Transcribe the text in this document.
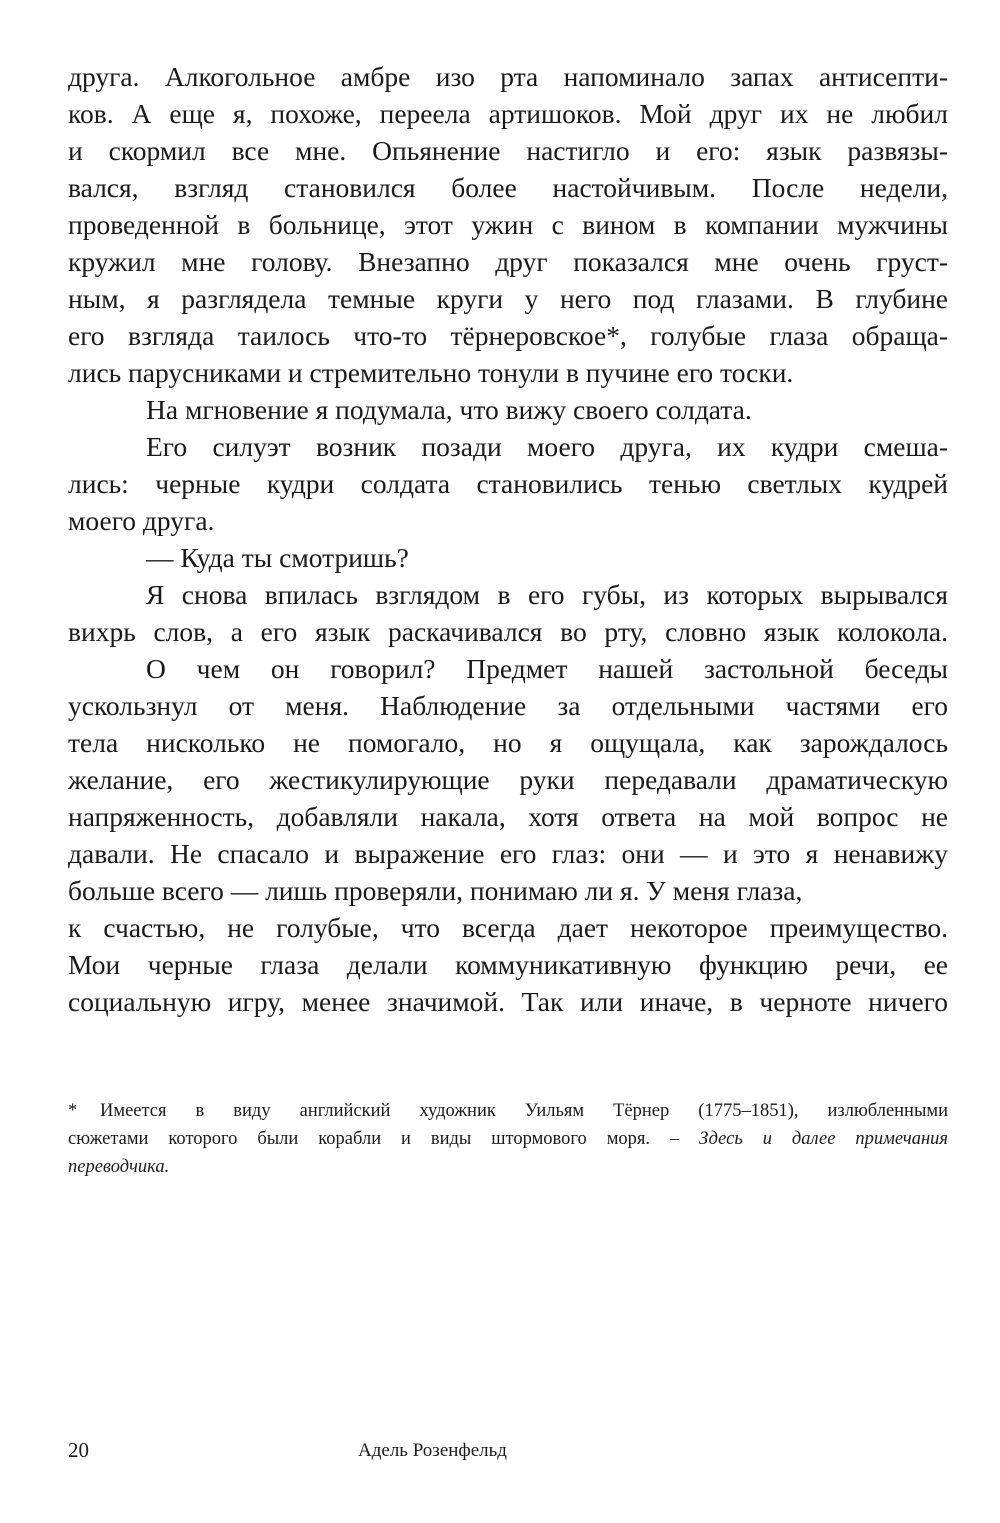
друга. Алкогольное амбре изо рта напоминало запах антисепти-
ков. А еще я, похоже, переела артишоков. Мой друг их не любил
и скормил все мне. Опьянение настигло и его: язык развязы-
вался, взгляд становился более настойчивым. После недели,
проведенной в больнице, этот ужин с вином в компании мужчины
кружил мне голову. Внезапно друг показался мне очень груст-
ным, я разглядела темные круги у него под глазами. В глубине
его взгляда таилось что-то тёрнеровское*, голубые глаза обраща-
лись парусниками и стремительно тонули в пучине его тоски.
На мгновение я подумала, что вижу своего солдата.
Его силуэт возник позади моего друга, их кудри смеша-
лись: черные кудри солдата становились тенью светлых кудрей
моего друга.
— Куда ты смотришь?
Я снова впилась взглядом в его губы, из которых вырывался
вихрь слов, а его язык раскачивался во рту, словно язык колокола.
О чем он говорил? Предмет нашей застольной беседы
ускользнул от меня. Наблюдение за отдельными частями его
тела нисколько не помогало, но я ощущала, как зарождалось
желание, его жестикулирующие руки передавали драматическую
напряженность, добавляли накала, хотя ответа на мой вопрос не
давали. Не спасало и выражение его глаз: они — и это я ненавижу
больше всего — лишь проверяли, понимаю ли я. У меня глаза,
к счастью, не голубые, что всегда дает некоторое преимущество.
Мои черные глаза делали коммуникативную функцию речи, ее
социальную игру, менее значимой. Так или иначе, в черноте ничего
* Имеется в виду английский художник Уильям Тёрнер (1775–1851), излюбленными
сюжетами которого были корабли и виды штормового моря. – Здесь и далее примечания
переводчика.
20	Адель Розенфельд
